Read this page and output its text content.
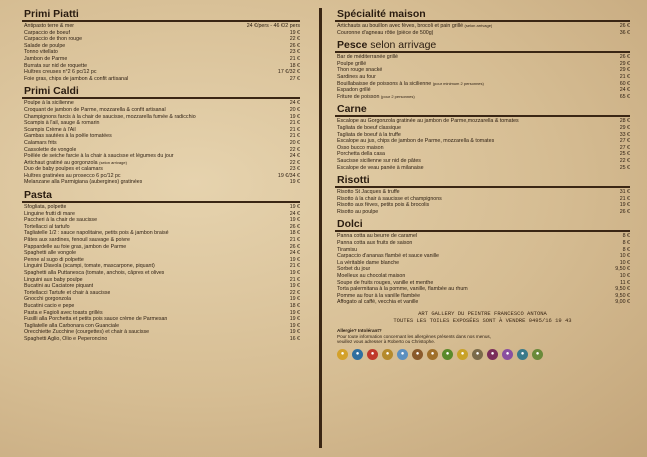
Primi Piatti
Antipasto terre & mer	24 €/pers - 46 €/2 pers
Carpaccio de boeuf	19 €
Carpaccio de thon rouge	22 €
Salade de poulpe	26 €
Tonno vitellato	23 €
Jambon de Parme	21 €
Burrata sur nid de roquette	18 €
Huîtres creuses n°2 6 pc/12 pc	17 €/32 €
Foie gras, chips de jambon & confit artisanal	27 €
Primi Caldi
Poulpe à la sicilienne	24 €
Croquant de jambon de Parme, mozzarella & confit artisanal	20 €
Champignons farcis à la chair de saucisse, mozzarella fumée & radicchio	19 €
Scampis à l'ail, sauge & romarin	21 €
Scampis Crème à l'Ail	21 €
Gambas sautées à la poêle tomatées	21 €
Calamars frits	20 €
Cassolette de vongole	22 €
Poêlée de seiche farcie à la chair à saucisse et légumes du jour	24 €
Artichaut gratiné au gorgonzola (selon arrivage)	22 €
Duo de baby poulpes et calamars	23 €
Huîtres gratinées au prosecco 6 pc/12 pc	19 €/34 €
Melanzane alla Parmigiana (aubergines) gratinées	19 €
Pasta
Sfogliata, polpette	19 €
Linguine frutti di mare	24 €
Paccheri à la chair de saucisse	19 €
Tortellacci al tartufo	26 €
Tagliatelle 1/2 : sauce napolitaine, petits pois & jambon braisé	18 €
Pâtes aux sardines, fenouil sauvage & poivre	21 €
Pappardelle au foie gras, jambon de Parme	26 €
Spaghetti alle vongole	24 €
Penne al sugo di polpette	19 €
Linguini Diavola (scampi, tomate, mascarpone, piquant)	21 €
Spaghetti alla Puttanesca (tomate, anchois, câpres et olives	19 €
Linguini aux baby poulpe	21 €
Bucatini au Caciatore piquant	19 €
Tortellacci Tartufe et chair à saucisse	22 €
Gnocchi gorgonzola	19 €
Bucatini cacio e pepe	18 €
Pasta e Fagioli avec toasts grillés	19 €
Fusilli alla Porchetta et petits pois sauce crème de Parmesan	19 €
Tagliatelle alla Carbonara con Guanciale	19 €
Orecchiette Zucchine (courgettes) et chair à saucisse	19 €
Spaghetti Aglio, Olio e Peperoncino	16 €
Spécialité maison
Artichauts au bouillon avec fèves, brocoli et pain grillé (selon arrivage)	26 €
Couronne d'agneau rôtie (pièce de 500g)	36 €
Pesce selon arrivage
Bar de méditerranée grillé	26 €
Poulpe grillé	29 €
Thon rouge snacké	29 €
Sardines au four	21 €
Bouillabaisse de poissons à la sicilienne (pour minimum 2 personnes)	60 €
Espadon grillé	24 €
Friture de poisson (pour 2 personnes)	65 €
Carne
Escalope au Gorgonzola gratinée au jambon de Parme,mozzarella & tomates	28 €
Tagliata de boeuf classique	29 €
Tagliata de boeuf à la truffe	33 €
Escalope au jus, chips de jambon de Parme, mozzarella & tomates	27 €
Osso bucco maison	27 €
Porchetta della casa	25 €
Saucisse sicilienne sur nid de pâtes	22 €
Escalope de veau panée à milanaise	25 €
Risotti
Risotto St Jacques & truffe	31 €
Risotto à la chair à saucisse et champignons	21 €
Risotto aux fèves, petits pois & brocolis	19 €
Risotto au poulpe	26 €
Dolci
Panna cotta au beurre de caramel	8 €
Panna cotta aux fruits de saison	8 €
Tiramisu	8 €
Carpaccio d'ananas flambé et sauce vanille	10 €
La véritable dame blanche	10 €
Sorbet du jour	9,50 €
Moelleux au chocolat maison	10 €
Soupe de fruits rouges, vanille et menthe	11 €
Torta palermitana à la pomme, vanille, flambée au rhum	9,50 €
Pomme au four à la vanille flambée	9,50 €
Affogato al caffé, vecchia et vanille	9,00 €
ART GALLERY DU PEINTRE FRANCESCO ANTONA
TOUTES LES TOILES EXPOSÉES SONT À VENDRE 0495/16 19 43
Allergie? Intolérant?
Pour toute information concernant les allergènes présents dans nos menus,
veuillez vous adresser à Roberto ou Christophe.
●	●	●	●	●	●	●	●	●	●	●	●	●	●
